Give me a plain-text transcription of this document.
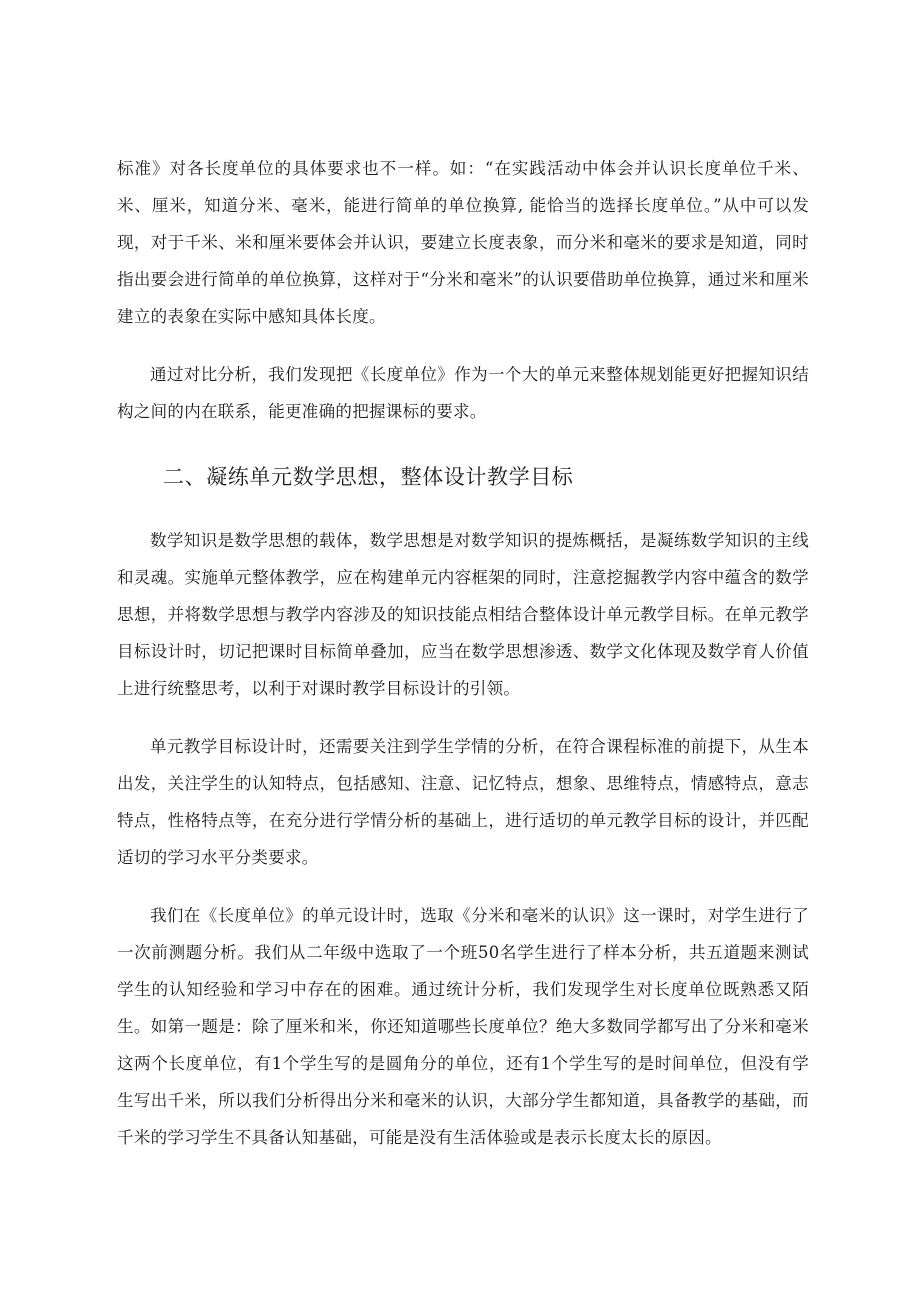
标准》对各长度单位的具体要求也不一样。如：“在实践活动中体会并认识长度单位千米、米、厘米，知道分米、毫米，能进行简单的单位换算, 能恰当的选择长度单位。”从中可以发现，对于千米、米和厘米要体会并认识，要建立长度表象，而分米和毫米的要求是知道，同时指出要会进行简单的单位换算，这样对于“分米和毫米”的认识要借助单位换算，通过米和厘米建立的表象在实际中感知具体长度。

通过对比分析，我们发现把《长度单位》作为一个大的单元来整体规划能更好把握知识结构之间的内在联系，能更准确的把握课标的要求。

二、凝练单元数学思想，整体设计教学目标

数学知识是数学思想的载体，数学思想是对数学知识的提炼概括，是凝练数学知识的主线和灵魂。实施单元整体教学，应在构建单元内容框架的同时，注意挖掘教学内容中蕴含的数学思想，并将数学思想与教学内容涉及的知识技能点相结合整体设计单元教学目标。在单元教学目标设计时，切记把课时目标简单叠加，应当在数学思想渗透、数学文化体现及数学育人价值上进行统整思考，以利于对课时教学目标设计的引领。

单元教学目标设计时，还需要关注到学生学情的分析，在符合课程标准的前提下，从生本出发，关注学生的认知特点，包括感知、注意、记忆特点，想象、思维特点，情感特点，意志特点，性格特点等，在充分进行学情分析的基础上，进行适切的单元教学目标的设计，并匹配适切的学习水平分类要求。

我们在《长度单位》的单元设计时，选取《分米和毫米的认识》这一课时，对学生进行了一次前测题分析。我们从二年级中选取了一个班50名学生进行了样本分析，共五道题来测试学生的认知经验和学习中存在的困难。通过统计分析，我们发现学生对长度单位既熟悉又陌生。如第一题是：除了厘米和米，你还知道哪些长度单位？绝大多数同学都写出了分米和毫米这两个长度单位，有1个学生写的是圆角分的单位，还有1个学生写的是时间单位，但没有学生写出千米，所以我们分析得出分米和毫米的认识，大部分学生都知道，具备教学的基础，而千米的学习学生不具备认知基础，可能是没有生活体验或是表示长度太长的原因。
